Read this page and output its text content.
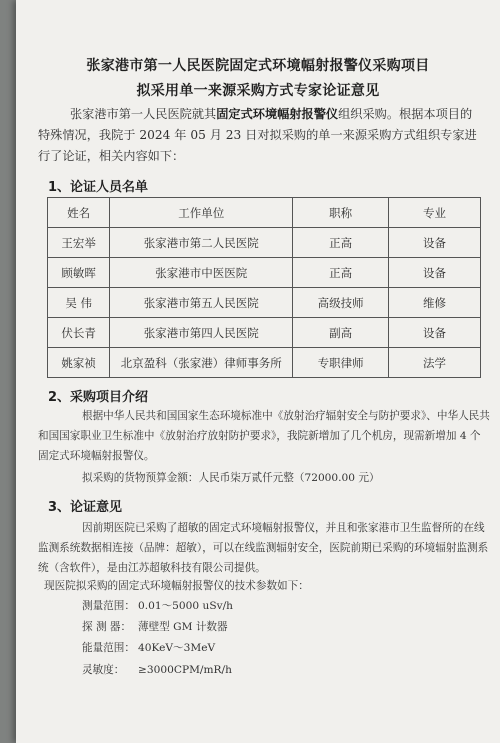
张家港市第一人民医院固定式环境幅射报警仪采购项目
拟采用单一来源采购方式专家论证意见
张家港市第一人民医院就其固定式环境幅射报警仪组织采购。根据本项目的特殊情况，我院于 2024 年 05 月 23 日对拟采购的单一来源采购方式组织专家进行了论证，相关内容如下：
1、论证人员名单
姓名	工作单位	职称	专业
王宏举	张家港市第二人民医院	正高	设备
顾敏晖	张家港市中医医院	正高	设备
吴 伟	张家港市第五人民医院	高级技师	维修
伏长青	张家港市第四人民医院	副高	设备
姚家祯	北京盈科（张家港）律师事务所	专职律师	法学
2、采购项目介绍
根据中华人民共和国国家生态环境标准中《放射治疗辐射安全与防护要求》、中华人民共和国国家职业卫生标准中《放射治疗放射防护要求》，我院新增加了几个机房，现需新增加 4 个固定式环境幅射报警仪。
拟采购的货物预算金额：人民币柒万贰仟元整（72000.00 元）
3、论证意见
因前期医院已采购了超敏的固定式环境幅射报警仪，并且和张家港市卫生监督所的在线监测系统数据相连接（品牌：超敏），可以在线监测辐射安全，医院前期已采购的环境辐射监测系统（含软件），是由江苏超敏科技有限公司提供。
现医院拟采购的固定式环境幅射报警仪的技术参数如下：
测量范围： 0.01～5000 uSv/h
探 测 器： 薄壁型 GM 计数器
能量范围： 40KeV～3MeV
灵敏度： ≥3000CPM/mR/h
